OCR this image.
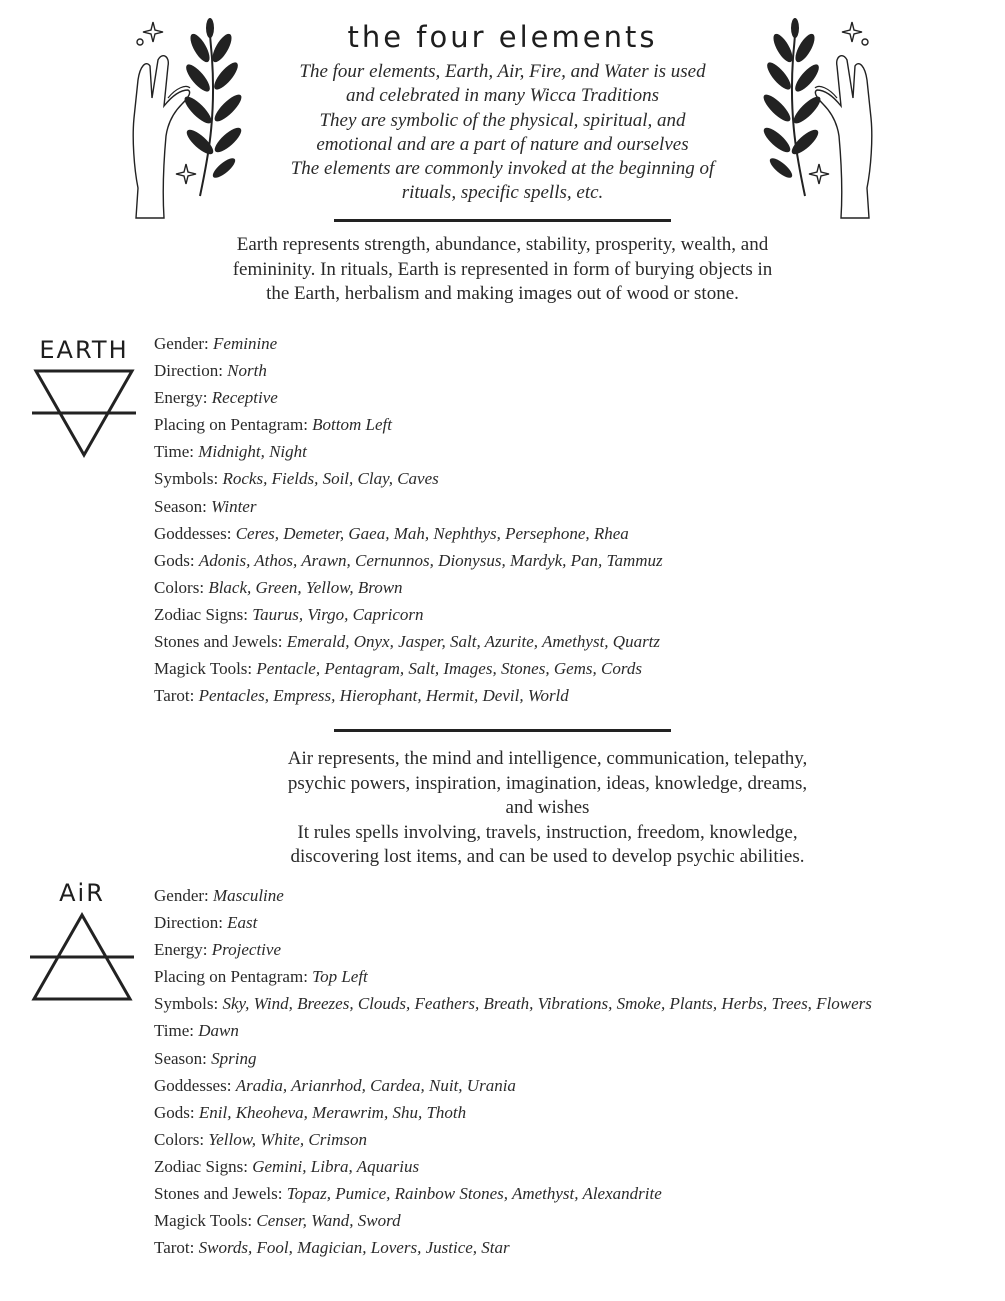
the four elements
The four elements, Earth, Air, Fire, and Water is used
and celebrated in many Wicca Traditions
They are symbolic of the physical, spiritual, and
emotional and are a part of nature and ourselves
The elements are commonly invoked at the beginning of
rituals, specific spells, etc.
Earth represents strength, abundance, stability, prosperity, wealth, and
femininity. In rituals, Earth is represented in form of burying objects in
the Earth, herbalism and making images out of wood or stone.
EARTH	Gender: Feminine
Direction: North
Energy: Receptive
Placing on Pentagram: Bottom Left
Time: Midnight, Night
Symbols: Rocks, Fields, Soil, Clay, Caves
Season: Winter
Goddesses: Ceres, Demeter, Gaea, Mah, Nephthys, Persephone, Rhea
Gods: Adonis, Athos, Arawn, Cernunnos, Dionysus, Mardyk, Pan, Tammuz
Colors: Black, Green, Yellow, Brown
Zodiac Signs: Taurus, Virgo, Capricorn
Stones and Jewels: Emerald, Onyx, Jasper, Salt, Azurite, Amethyst, Quartz
Magick Tools: Pentacle, Pentagram, Salt, Images, Stones, Gems, Cords
Tarot: Pentacles, Empress, Hierophant, Hermit, Devil, World
Air represents, the mind and intelligence, communication, telepathy,
psychic powers, inspiration, imagination, ideas, knowledge, dreams,
and wishes
It rules spells involving, travels, instruction, freedom, knowledge,
discovering lost items, and can be used to develop psychic abilities.
AiR	Gender: Masculine
Direction: East
Energy: Projective
Placing on Pentagram: Top Left
Symbols: Sky, Wind, Breezes, Clouds, Feathers, Breath, Vibrations, Smoke, Plants, Herbs, Trees, Flowers
Time: Dawn
Season: Spring
Goddesses: Aradia, Arianrhod, Cardea, Nuit, Urania
Gods: Enil, Kheoheva, Merawrim, Shu, Thoth
Colors: Yellow, White, Crimson
Zodiac Signs: Gemini, Libra, Aquarius
Stones and Jewels: Topaz, Pumice, Rainbow Stones, Amethyst, Alexandrite
Magick Tools: Censer, Wand, Sword
Tarot: Swords, Fool, Magician, Lovers, Justice, Star
